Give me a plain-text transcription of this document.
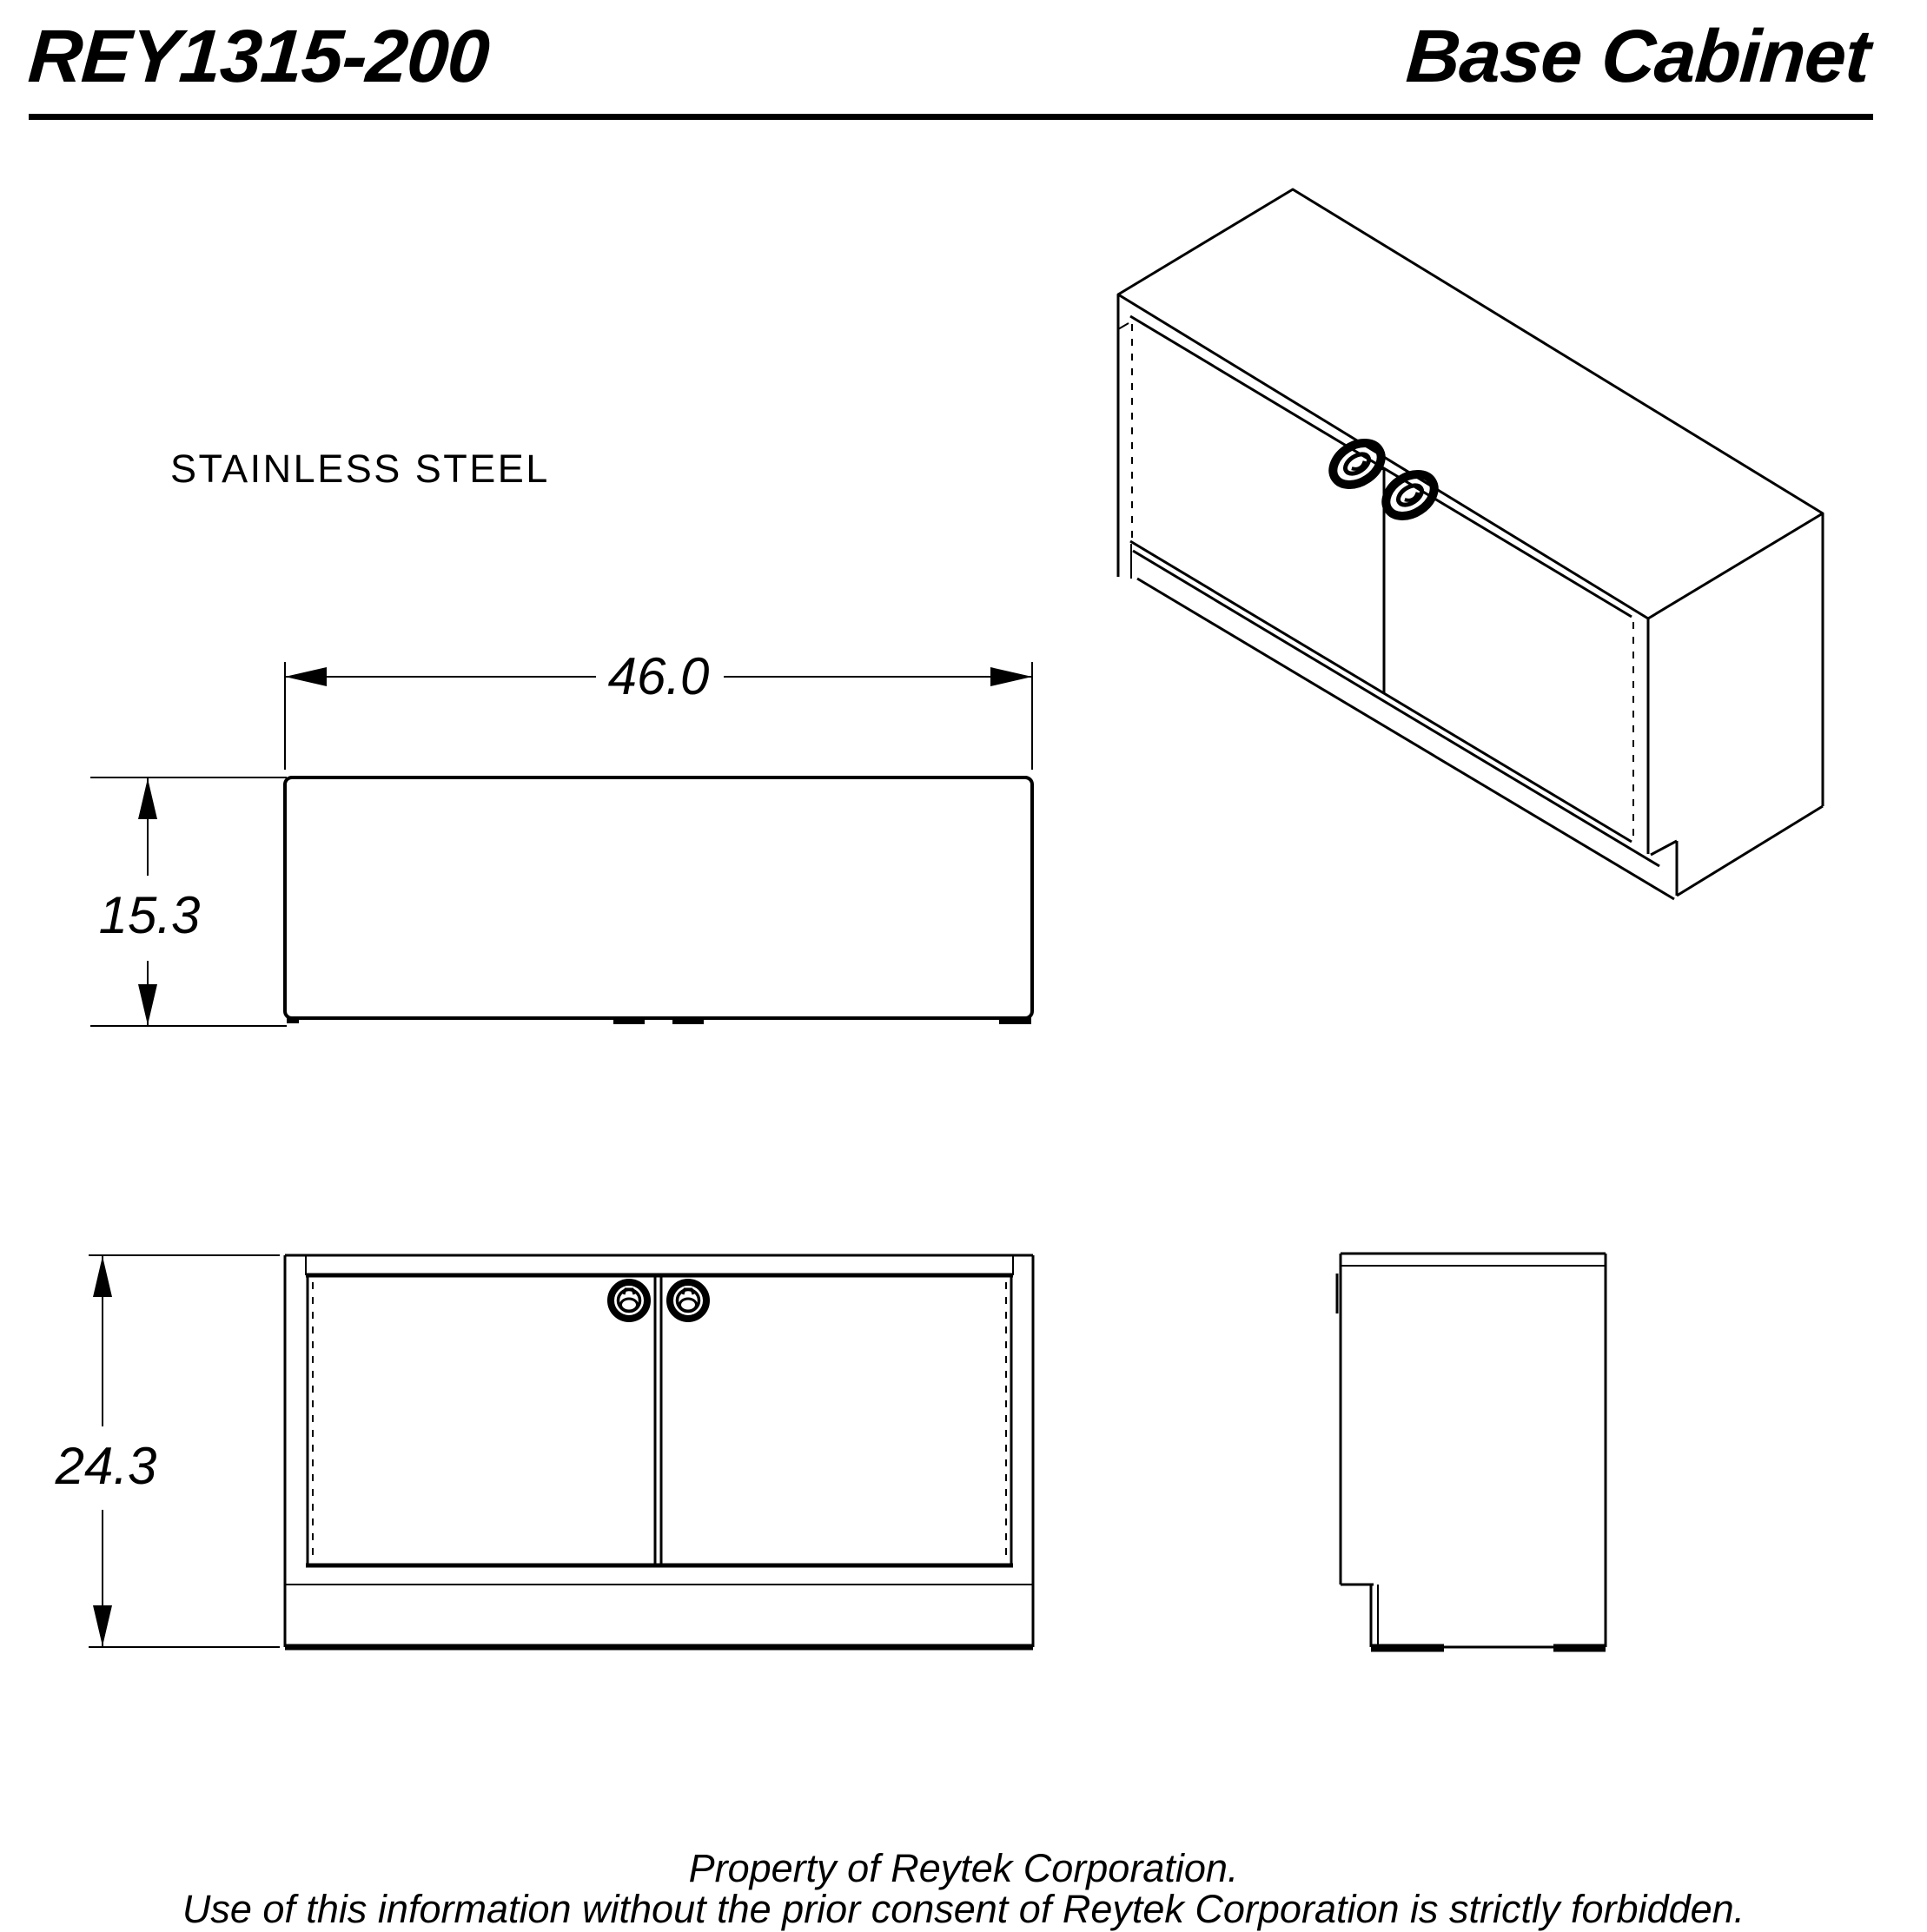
REY1315-200	Base Cabinet
STAINLESS STEEL
46.0
15.3
24.3
Property of Reytek Corporation.
Use of this information without the prior consent of Reytek Corporation is strictly forbidden.
